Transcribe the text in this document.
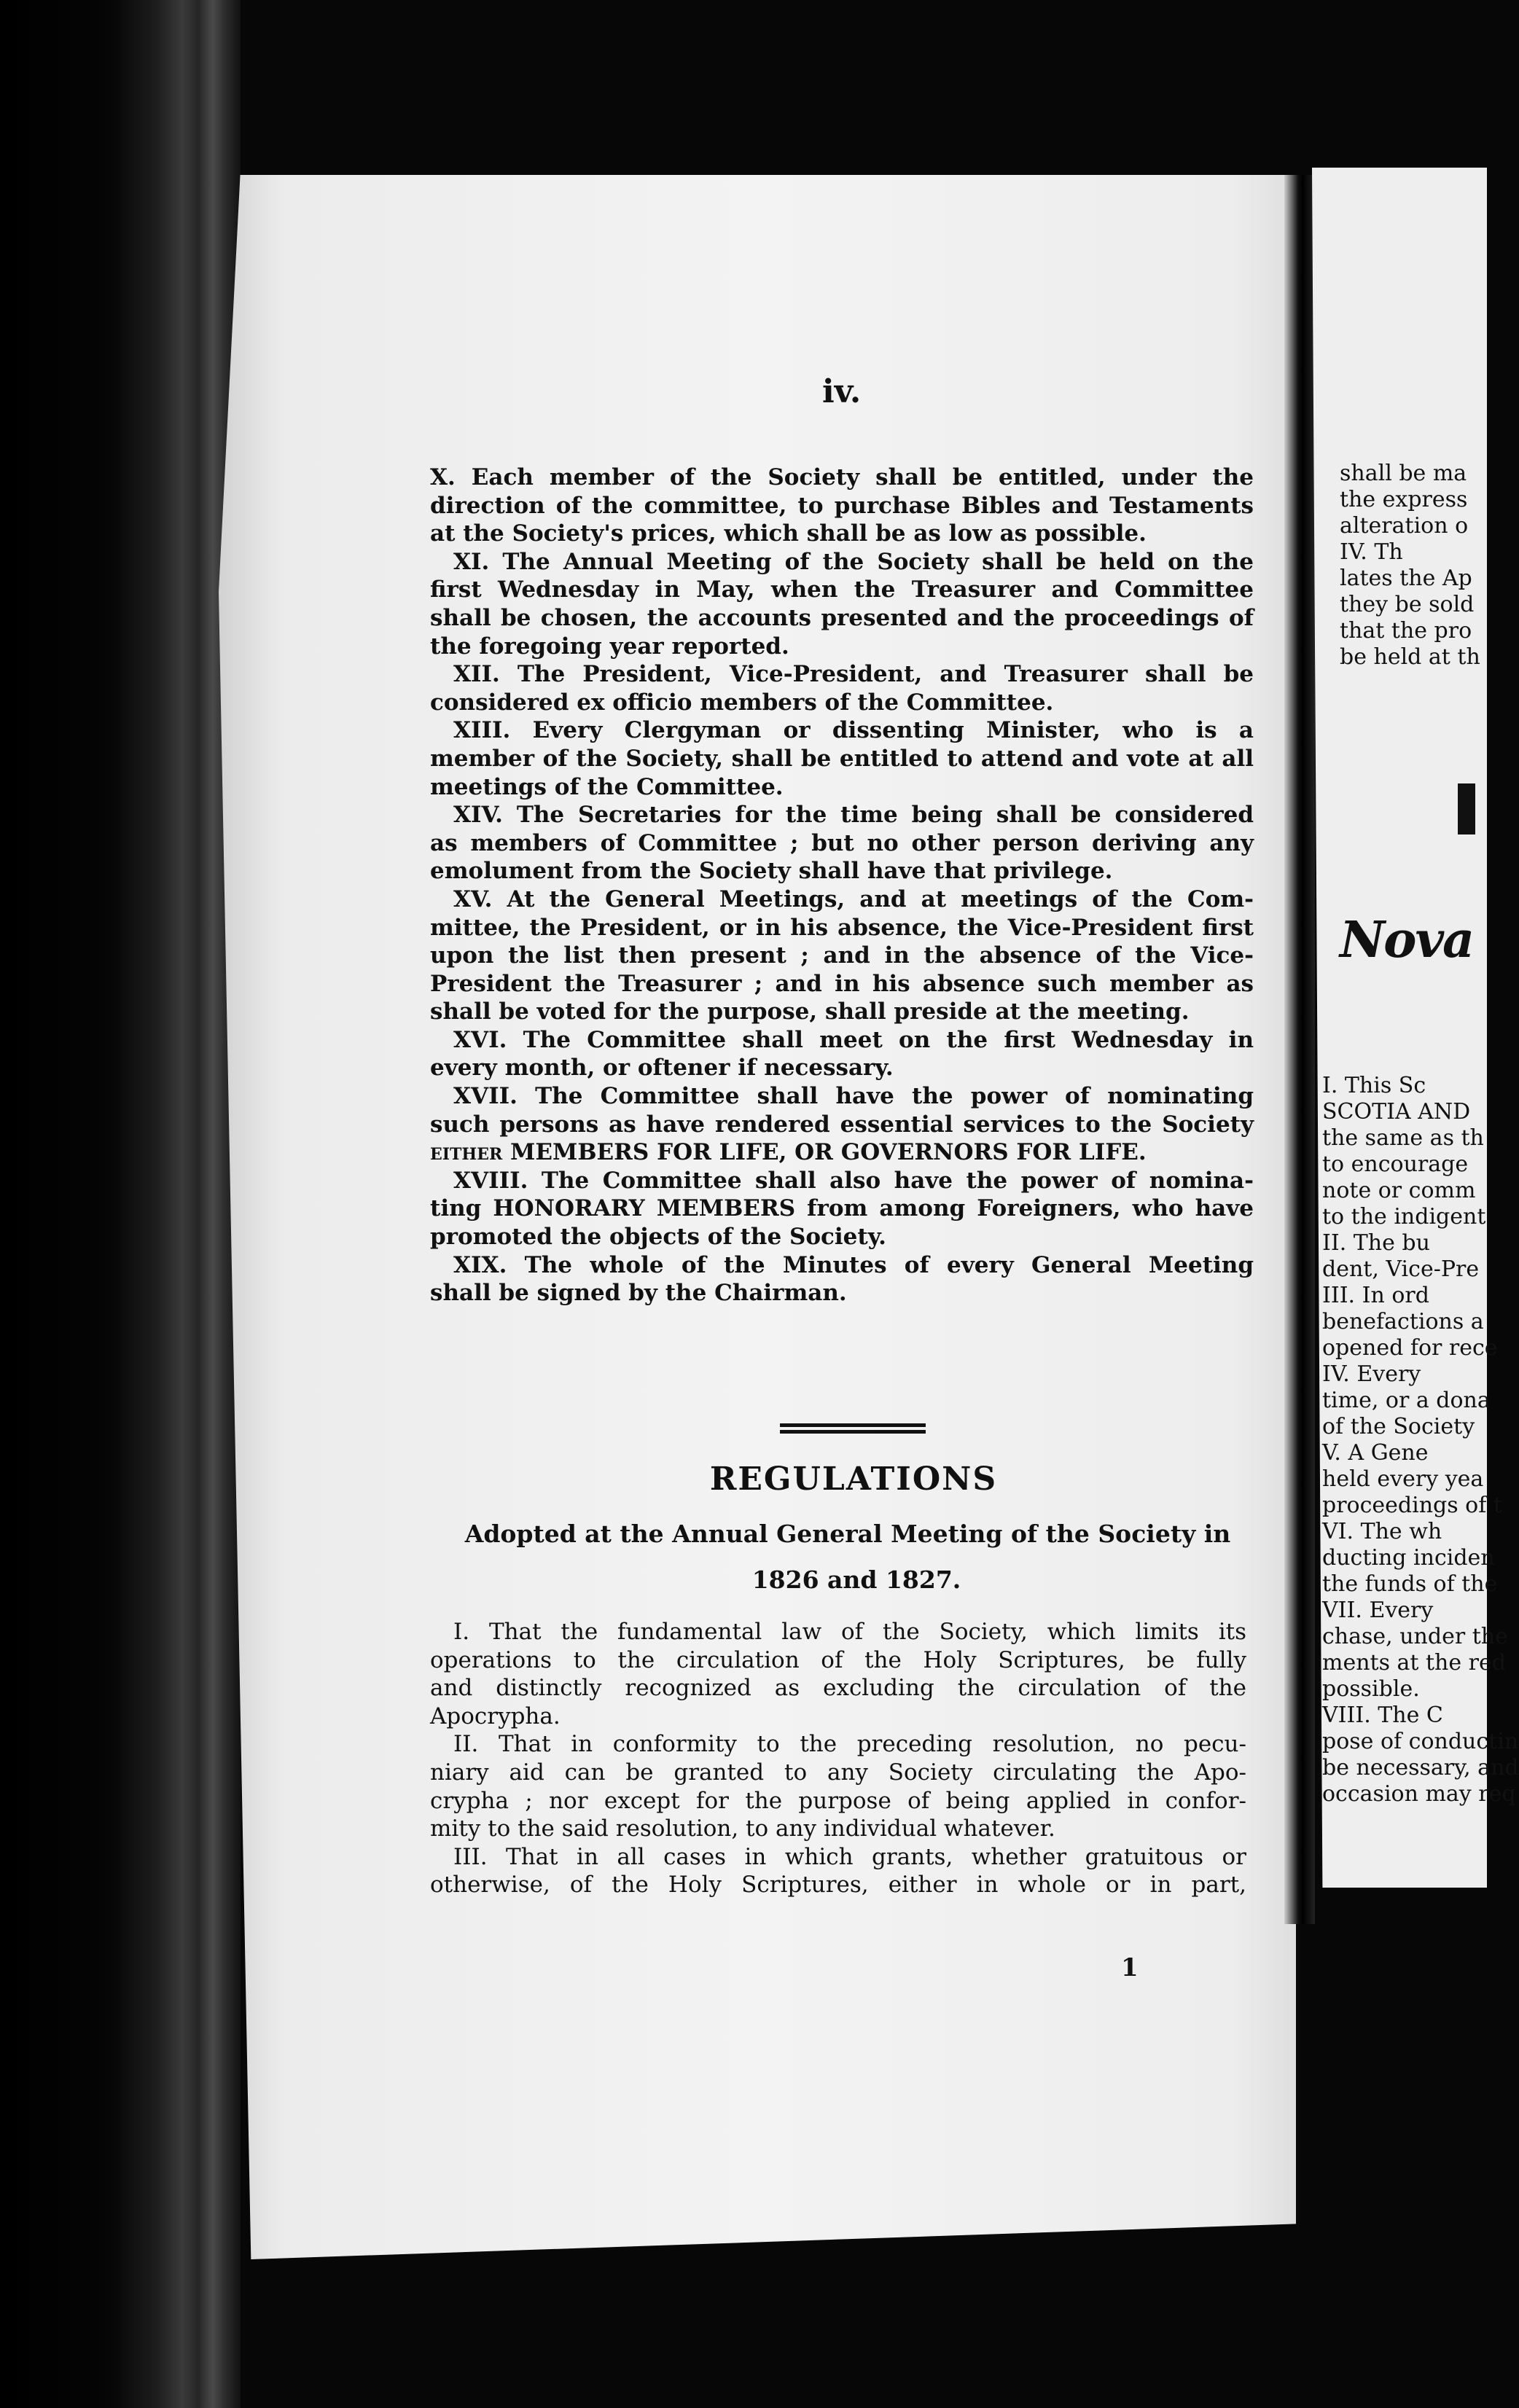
iv.
X. Each member of the Society shall be entitled, under the
direction of the committee, to purchase Bibles and Testaments
at the Society's prices, which shall be as low as possible.
XI. The Annual Meeting of the Society shall be held on the
first Wednesday in May, when the Treasurer and Committee
shall be chosen, the accounts presented and the proceedings of
the foregoing year reported.
XII. The President, Vice-President, and Treasurer shall be
considered ex officio members of the Committee.
XIII. Every Clergyman or dissenting Minister, who is a
member of the Society, shall be entitled to attend and vote at all
meetings of the Committee.
XIV. The Secretaries for the time being shall be considered
as members of Committee ; but no other person deriving any
emolument from the Society shall have that privilege.
XV. At the General Meetings, and at meetings of the Com-
mittee, the President, or in his absence, the Vice-President first
upon the list then present ; and in the absence of the Vice-
President the Treasurer ; and in his absence such member as
shall be voted for the purpose, shall preside at the meeting.
XVI. The Committee shall meet on the first Wednesday in
every month, or oftener if necessary.
XVII. The Committee shall have the power of nominating
such persons as have rendered essential services to the Society
either MEMBERS FOR LIFE, OR GOVERNORS FOR LIFE.
XVIII. The Committee shall also have the power of nomina-
ting HONORARY MEMBERS from among Foreigners, who have
promoted the objects of the Society.
XIX. The whole of the Minutes of every General Meeting
shall be signed by the Chairman.
REGULATIONS
Adopted at the Annual General Meeting of the Society in
1826 and 1827.
I. That the fundamental law of the Society, which limits its
operations to the circulation of the Holy Scriptures, be fully
and distinctly recognized as excluding the circulation of the
Apocrypha.
II. That in conformity to the preceding resolution, no pecu-
niary aid can be granted to any Society circulating the Apo-
crypha ; nor except for the purpose of being applied in confor-
mity to the said resolution, to any individual whatever.
III. That in all cases in which grants, whether gratuitous or
otherwise, of the Holy Scriptures, either in whole or in part,
1
shall be ma
the express
alteration o
IV. Th
lates the Ap
they be sold
that the pro
be held at th
Nova
I. This Sc
SCOTIA AND
the same as th
to encourage
note or comm
to the indigent
II. The bu
dent, Vice-Pre
III. In ord
benefactions a
opened for rece
IV. Every
time, or a dona
of the Society
V. A Gene
held every yea
proceedings of t
VI. The wh
ducting inciden
the funds of the
VII. Every
chase, under the
ments at the red
possible.
VIII. The C
pose of conductin
be necessary, and
occasion may req
